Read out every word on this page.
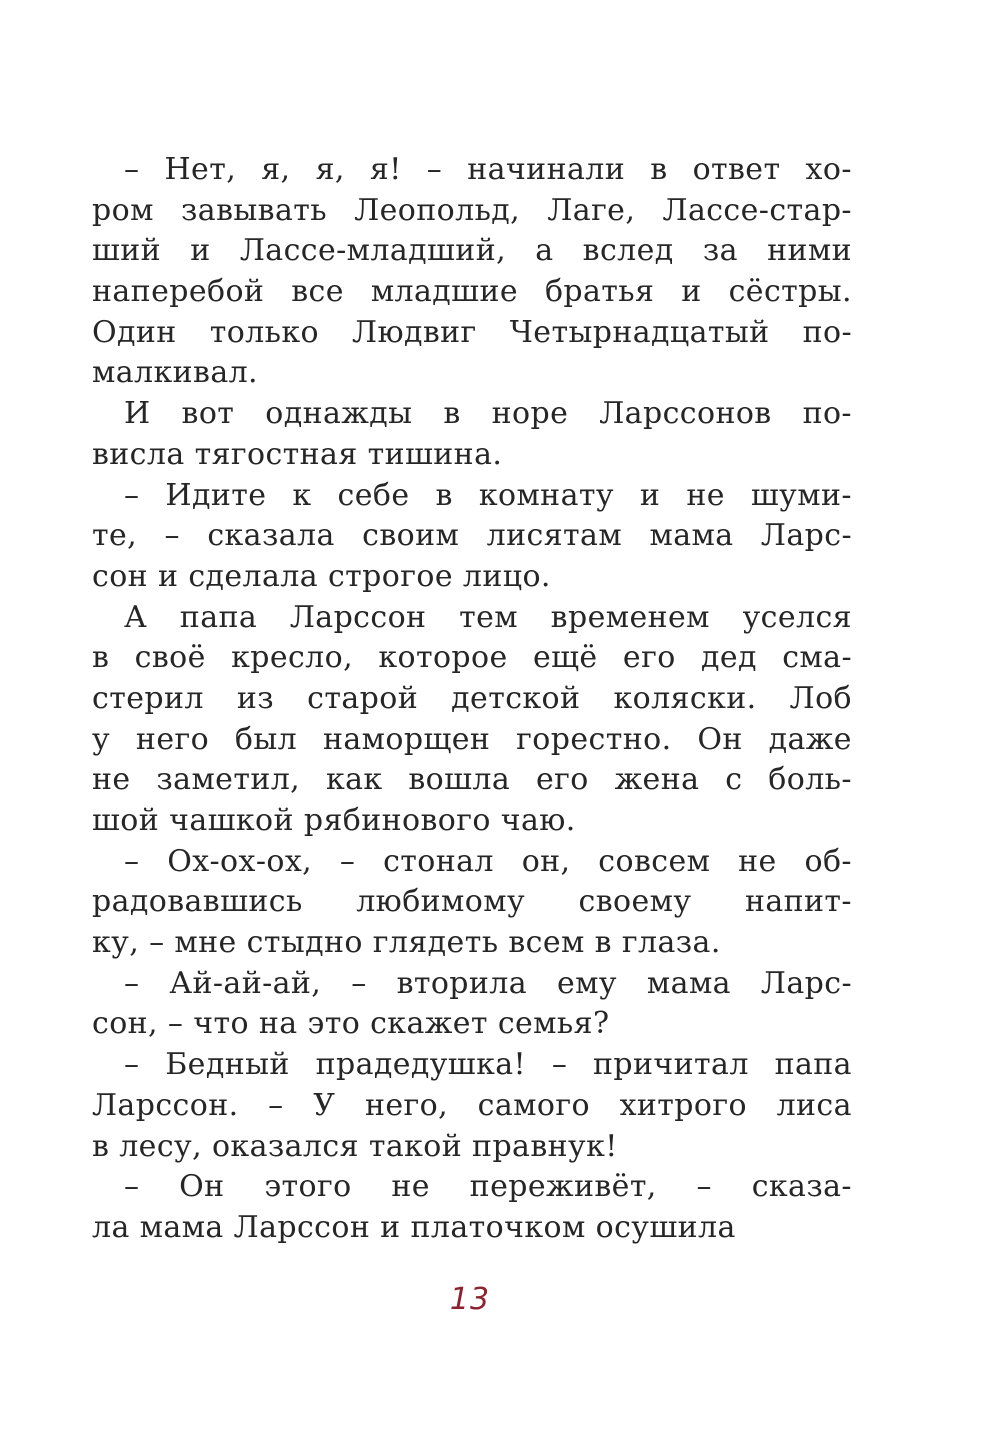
– Нет, я, я, я! – начинали в ответ хо-
ром завывать Леопольд, Лаге, Лассе-стар-
ший и Лассе-младший, а вслед за ними
наперебой все младшие братья и сёстры.
Один только Людвиг Четырнадцатый по-
малкивал.
И вот однажды в норе Ларссонов по-
висла тягостная тишина.
– Идите к себе в комнату и не шуми-
те, – сказала своим лисятам мама Ларс-
сон и сделала строгое лицо.
А папа Ларссон тем временем уселся
в своё кресло, которое ещё его дед сма-
стерил из старой детской коляски. Лоб
у него был наморщен горестно. Он даже
не заметил, как вошла его жена с боль-
шой чашкой рябинового чаю.
– Ох-ох-ох, – стонал он, совсем не об-
радовавшись любимому своему напит-
ку, – мне стыдно глядеть всем в глаза.
– Ай-ай-ай, – вторила ему мама Ларс-
сон, – что на это скажет семья?
– Бедный прадедушка! – причитал папа
Ларссон. – У него, самого хитрого лиса
в лесу, оказался такой правнук!
– Он этого не переживёт, – сказа-
ла мама Ларссон и платочком осушила
13
